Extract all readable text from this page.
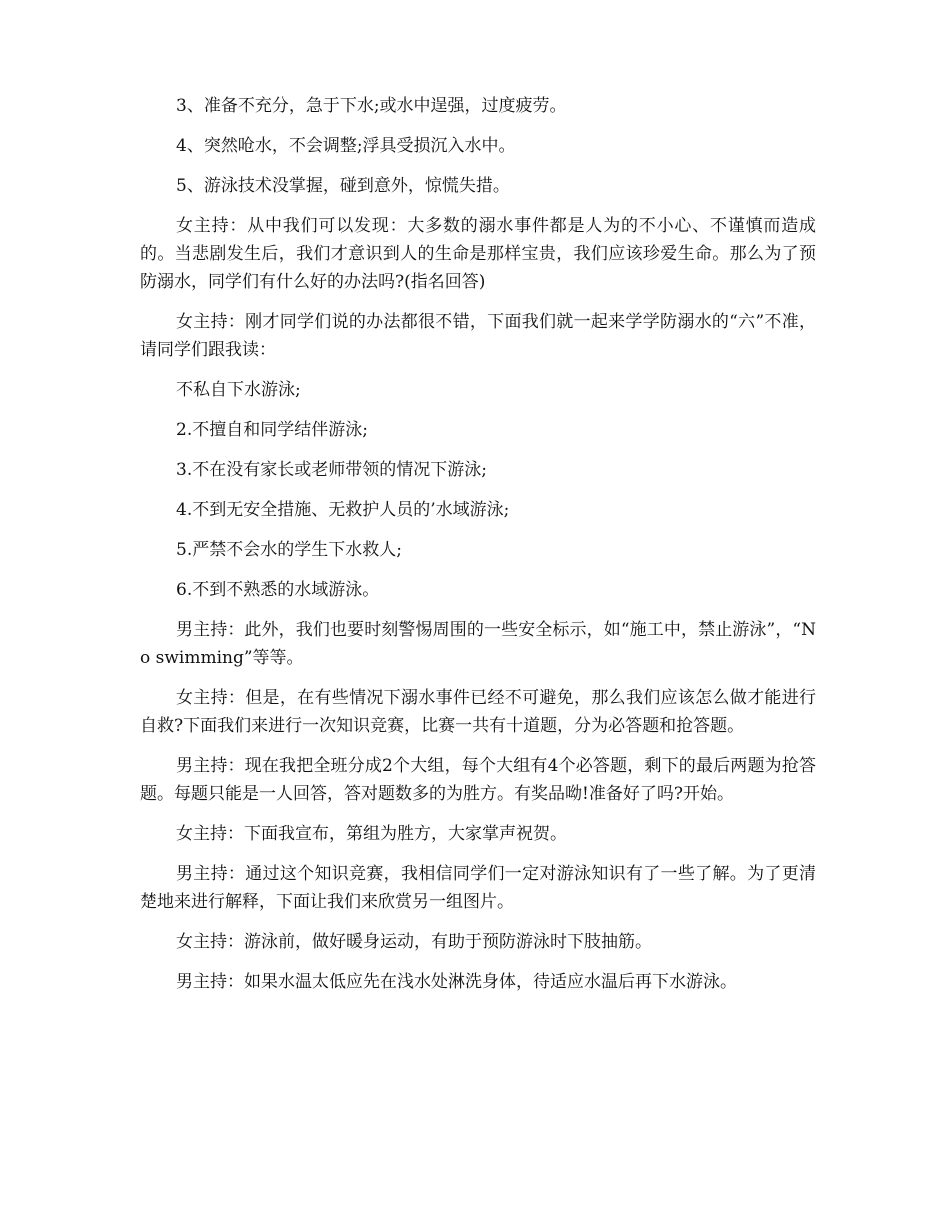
3、准备不充分，急于下水;或水中逞强，过度疲劳。

4、突然呛水，不会调整;浮具受损沉入水中。

5、游泳技术没掌握，碰到意外，惊慌失措。

女主持：从中我们可以发现：大多数的溺水事件都是人为的不小心、不谨慎而造成的。当悲剧发生后，我们才意识到人的生命是那样宝贵，我们应该珍爱生命。那么为了预防溺水，同学们有什么好的办法吗?(指名回答)

女主持：刚才同学们说的办法都很不错，下面我们就一起来学学防溺水的“六”不准，请同学们跟我读：

不私自下水游泳;

2.不擅自和同学结伴游泳;

3.不在没有家长或老师带领的情况下游泳;

4.不到无安全措施、无救护人员的’水域游泳;

5.严禁不会水的学生下水救人;

6.不到不熟悉的水域游泳。

男主持：此外，我们也要时刻警惕周围的一些安全标示，如“施工中，禁止游泳”，“No swimming”等等。

女主持：但是，在有些情况下溺水事件已经不可避免，那么我们应该怎么做才能进行自救?下面我们来进行一次知识竞赛，比赛一共有十道题，分为必答题和抢答题。

男主持：现在我把全班分成2个大组，每个大组有4个必答题，剩下的最后两题为抢答题。每题只能是一人回答，答对题数多的为胜方。有奖品呦!准备好了吗?开始。

女主持：下面我宣布，第组为胜方，大家掌声祝贺。

男主持：通过这个知识竞赛，我相信同学们一定对游泳知识有了一些了解。为了更清楚地来进行解释，下面让我们来欣赏另一组图片。

女主持：游泳前，做好暖身运动，有助于预防游泳时下肢抽筋。

男主持：如果水温太低应先在浅水处淋洗身体，待适应水温后再下水游泳。
